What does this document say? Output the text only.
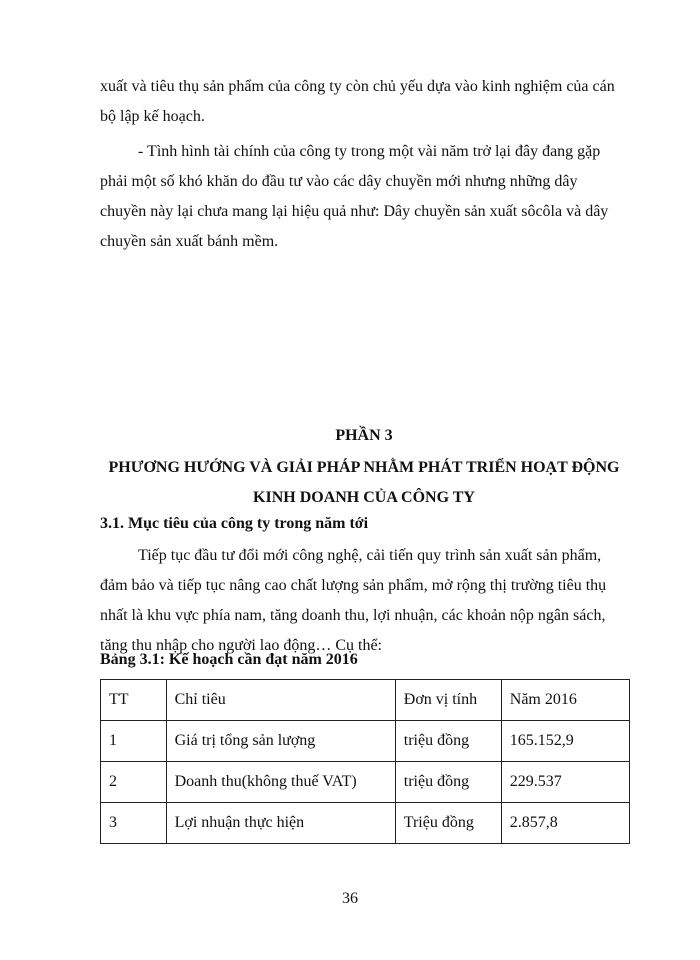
xuất và tiêu thụ sản phẩm của công ty còn chủ yếu dựa vào kinh nghiệm của cán
bộ lập kế hoạch.
- Tình hình tài chính của công ty trong một vài năm trở lại đây đang gặp
phải một số khó khăn do đầu tư vào các dây chuyền mới nhưng những dây
chuyền này lại chưa mang lại hiệu quả như: Dây chuyền sản xuất sôcôla và dây
chuyền sản xuất bánh mềm.
PHẦN 3
PHƯƠNG HƯỚNG VÀ GIẢI PHÁP NHẰM PHÁT TRIỂN HOẠT ĐỘNG
KINH DOANH CỦA CÔNG TY
3.1. Mục tiêu của công ty trong năm tới
Tiếp tục đầu tư đổi mới công nghệ, cải tiến quy trình sản xuất sản phẩm,
đảm bảo và tiếp tục nâng cao chất lượng sản phẩm, mở rộng thị trường tiêu thụ
nhất là khu vực phía nam, tăng doanh thu, lợi nhuận, các khoản nộp ngân sách,
tăng thu nhập cho người lao động… Cụ thể:
Bảng 3.1: Kế hoạch cần đạt năm 2016
TT	Chỉ tiêu	Đơn vị tính	Năm 2016
1	Giá trị tổng sản lượng	triệu đồng	165.152,9
2	Doanh thu(không thuế VAT)	triệu đồng	229.537
3	Lợi nhuận thực hiện	Triệu đồng	2.857,8
36
